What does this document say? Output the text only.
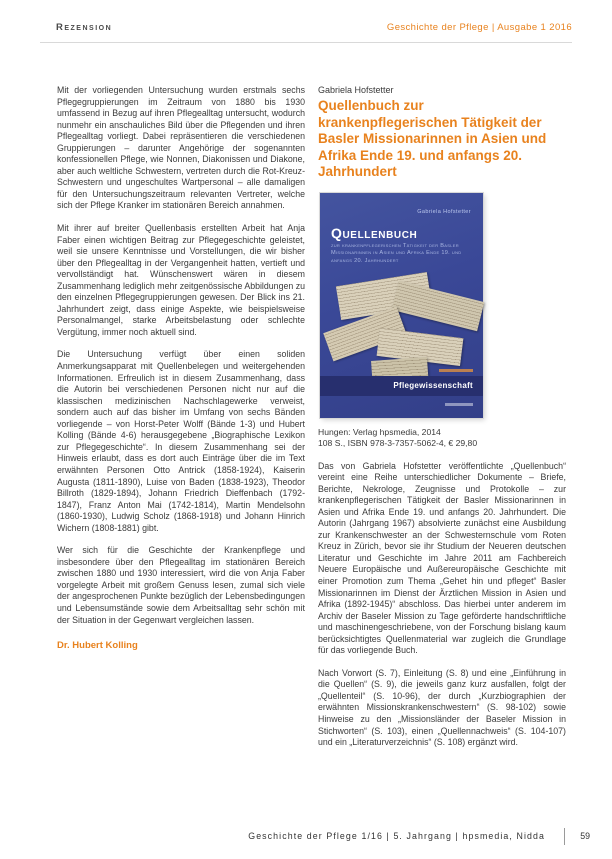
Rezension	Geschichte der Pflege | Ausgabe 1 2016

Mit der vorliegenden Untersuchung wurden erstmals sechs Pflegegruppierungen im Zeitraum von 1880 bis 1930 umfassend in Bezug auf ihren Pflegealltag untersucht, wodurch nunmehr ein anschauliches Bild über die Pflegenden und ihren Pflegealltag vorliegt. Dabei repräsentieren die verschiedenen Gruppierungen – darunter Angehörige der sogenannten konfessionellen Pflege, wie Nonnen, Diakonissen und Diakone, aber auch weltliche Schwestern, vertreten durch die Rot-Kreuz-Schwestern und ungeschultes Wartpersonal – alle damaligen für den Untersuchungszeitraum relevanten Vertreter, welche sich der Pflege Kranker im stationären Bereich annahmen.

Mit ihrer auf breiter Quellenbasis erstellten Arbeit hat Anja Faber einen wichtigen Beitrag zur Pflegegeschichte geleistet, weil sie unsere Kenntnisse und Vorstellungen, die wir bisher über den Pflegealltag in der Vergangenheit hatten, vertieft und vervollständigt hat. Wünschenswert wären in diesem Zusammenhang lediglich mehr zeitgenössische Abbildungen zu den einzelnen Pflegegruppierungen gewesen. Der Blick ins 21. Jahrhundert zeigt, dass einige Aspekte, wie beispielsweise Personalmangel, starke Arbeitsbelastung oder schlechte Vergütung, immer noch aktuell sind.

Die Untersuchung verfügt über einen soliden Anmerkungsapparat mit Quellenbelegen und weitergehenden Informationen. Erfreulich ist in diesem Zusammenhang, dass die Autorin bei verschiedenen Personen nicht nur auf die klassischen medizinischen Nachschlagewerke verweist, sondern auch auf das bisher im Umfang von sechs Bänden vorliegende – von Horst-Peter Wolff (Bände 1-3) und Hubert Kolling (Bände 4-6) herausgegebene „Biographische Lexikon zur Pflegegeschichte“. In diesem Zusammenhang sei der Hinweis erlaubt, dass es dort auch Einträge über die im Text erwähnten Personen Otto Antrick (1858-1924), Kaiserin Augusta (1811-1890), Luise von Baden (1838-1923), Theodor Billroth (1829-1894), Johann Friedrich Dieffenbach (1792-1847), Franz Anton Mai (1742-1814), Martin Mendelsohn (1860-1930), Ludwig Scholz (1868-1918) und Johann Hinrich Wichern (1808-1881) gibt.

Wer sich für die Geschichte der Krankenpflege und insbesondere über den Pflegealltag im stationären Bereich zwischen 1880 und 1930 interessiert, wird die von Anja Faber vorgelegte Arbeit mit großem Genuss lesen, zumal sich viele der angesprochenen Punkte bezüglich der Lebensbedingungen und Lebensumstände sowie dem Arbeitsalltag sehr schön mit der Situation in der Gegenwart vergleichen lassen.

Dr. Hubert Kolling

Gabriela Hofstetter

Quellenbuch zur krankenpflegerischen Tätigkeit der Basler Missionarinnen in Asien und Afrika Ende 19. und anfangs 20. Jahrhundert
Gabriela Hofstetter
Quellenbuch
zur krankenpflegerischen Tätigkeit der Basler Missionarinnen in Asien und Afrika Ende 19. und anfangs 20. Jahrhundert
Pflegewissenschaft
Hungen: Verlag hpsmedia, 2014
108 S., ISBN 978-3-7357-5062-4, € 29,80

Das von Gabriela Hofstetter veröffentlichte „Quellenbuch“ vereint eine Reihe unterschiedlicher Dokumente – Briefe, Berichte, Nekrologe, Zeugnisse und Protokolle – zur krankenpflegerischen Tätigkeit der Basler Missionarinnen in Asien und Afrika Ende 19. und anfangs 20. Jahrhundert. Die Autorin (Jahrgang 1967) absolvierte zunächst eine Ausbildung zur Krankenschwester an der Schwesternschule vom Roten Kreuz in Zürich, bevor sie ihr Studium der Neueren deutschen Literatur und Geschichte im Jahre 2011 am Fachbereich Neuere Europäische und Außereuropäische Geschichte mit einer Promotion zum Thema „Gehet hin und pfleget“ Basler Missionarinnen im Dienst der Ärztlichen Mission in Asien und Afrika (1892-1945)“ abschloss. Das hierbei unter anderem im Archiv der Baseler Mission zu Tage geförderte handschriftliche und maschinengeschriebene, von der Forschung bislang kaum berücksichtigtes Quellenmaterial war zugleich die Grundlage für das vorliegende Buch.

Nach Vorwort (S. 7), Einleitung (S. 8) und eine „Einführung in die Quellen“ (S. 9), die jeweils ganz kurz ausfallen, folgt der „Quellenteil“ (S. 10-96), der durch „Kurzbiographien der erwähnten Missionskrankenschwestern“ (S. 98-102) sowie Hinweise zu den „Missionsländer der Baseler Mission in Stichworten“ (S. 103), einen „Quellennachweis“ (S. 104-107) und ein „Literaturverzeichnis“ (S. 108) ergänzt wird.

Geschichte der Pflege 1/16 | 5. Jahrgang | hpsmedia, Nidda	59
